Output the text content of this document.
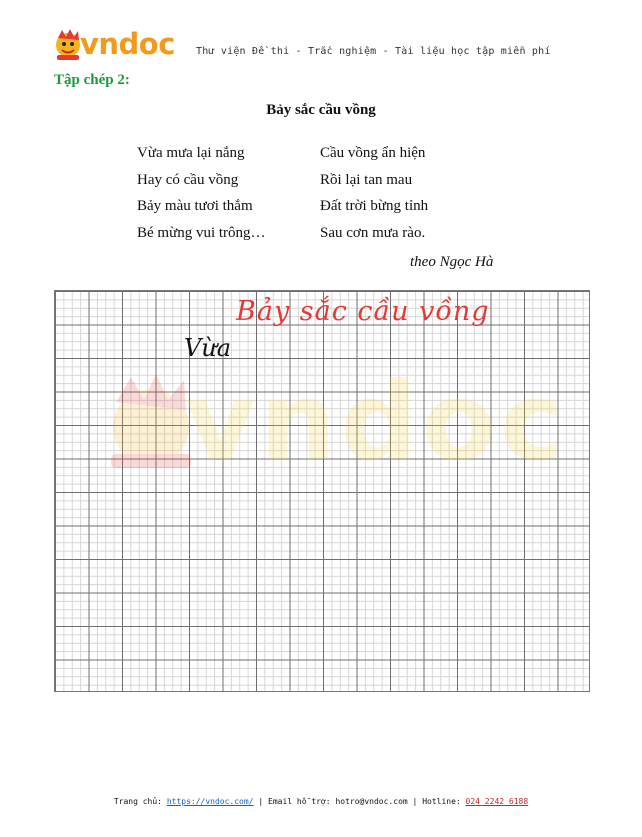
vndoc Thư viện Đề thi - Trắc nghiệm - Tài liệu học tập miễn phí
Tập chép 2:
Bảy sắc cầu vồng
Vừa mưa lại nắng
Hay có cầu vồng
Bảy màu tươi thắm
Bé mừng vui trông…
Cầu vồng ẩn hiện
Rồi lại tan mau
Đất trời bừng tỉnh
Sau cơn mưa rào.
theo Ngọc Hà
vndoc
Bảy sắc cầu vồng
Vừa
Trang chủ: https://vndoc.com/ | Email hỗ trợ: hotro@vndoc.com | Hotline: 024 2242 6188
